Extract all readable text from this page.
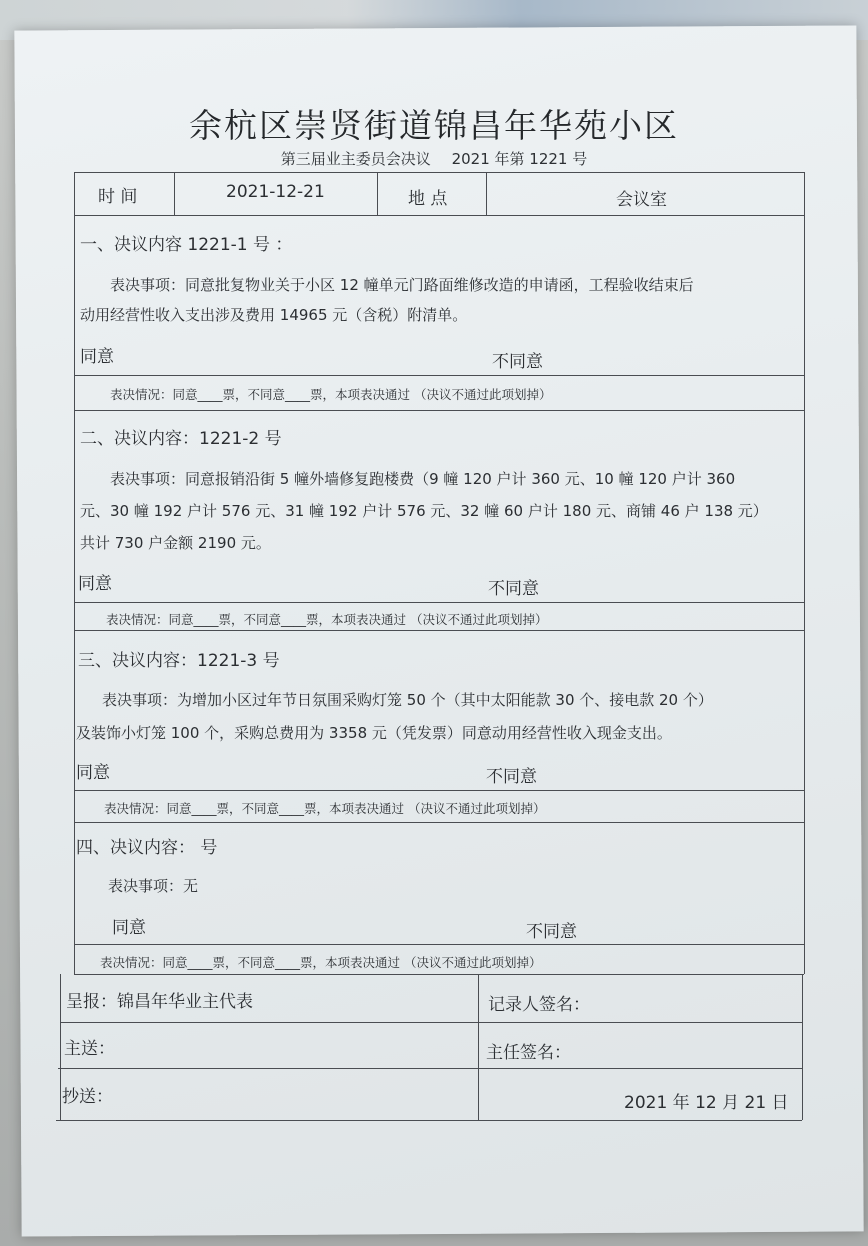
余杭区崇贤街道锦昌年华苑小区
第三届业主委员会决议 2021 年第 1221 号
时 间	2021-12-21	地 点	会议室
一、决议内容 1221-1 号 ：
表决事项：同意批复物业关于小区 12 幢单元门路面维修改造的申请函，工程验收结束后
动用经营性收入支出涉及费用 14965 元（含税）附清单。
同意	不同意
表决情况：同意____票，不同意____票，本项表决通过 （决议不通过此项划掉）
二、决议内容：1221-2 号
表决事项：同意报销沿街 5 幢外墙修复跑楼费（9 幢 120 户计 360 元、10 幢 120 户计 360
元、30 幢 192 户计 576 元、31 幢 192 户计 576 元、32 幢 60 户计 180 元、商铺 46 户 138 元）
共计 730 户金额 2190 元。
同意	不同意
表决情况：同意____票，不同意____票，本项表决通过 （决议不通过此项划掉）
三、决议内容：1221-3 号
表决事项：为增加小区过年节日氛围采购灯笼 50 个（其中太阳能款 30 个、接电款 20 个）
及装饰小灯笼 100 个，采购总费用为 3358 元（凭发票）同意动用经营性收入现金支出。
同意	不同意
表决情况：同意____票，不同意____票，本项表决通过 （决议不通过此项划掉）
四、决议内容： 号
表决事项：无
同意	不同意
表决情况：同意____票，不同意____票，本项表决通过 （决议不通过此项划掉）
呈报：锦昌年华业主代表	记录人签名：
主送：	主任签名：
抄送：	2021 年 12 月 21 日
